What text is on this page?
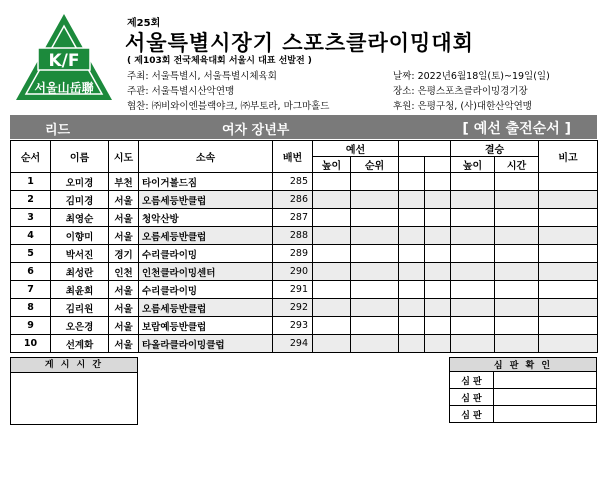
K/F
서울山岳聯
제25회
서울특별시장기 스포츠클라이밍대회
( 제103회 전국체육대회 서울시 대표 선발전 )
주최: 서울특별시, 서울특별시체육회
주관: 서울특별시산악연맹
협찬: ㈜비와이엔블랙야크, ㈜부토라, 마그마홀드
날짜: 2022년6월18일(토)~19일(일)
장소: 은평스포츠클라이밍경기장
후원: 은평구청, (사)대한산악연맹
리드	여자 장년부	[ 예선 출전순서 ]
순서	이름	시도	소속	배번	예선				결승		비고
					높이	순위			높이	시간	
1	오미경	부천	타이거볼드짐	285							
2	김미경	서울	오름세등반클럽	286							
3	최영순	서울	청악산방	287							
4	이향미	서울	오름세등반클럽	288							
5	박서진	경기	수리클라이밍	289							
6	최성란	인천	인천클라이밍센터	290							
7	최윤희	서울	수리클라이밍	291							
8	김리원	서울	오름세등반클럽	292							
9	오은경	서울	보람예등반클럽	293							
10	선계화	서울	타올라클라이밍클럽	294							
게 시 시 간	심 판 확 인	
심 판	
심 판	
심 판	
